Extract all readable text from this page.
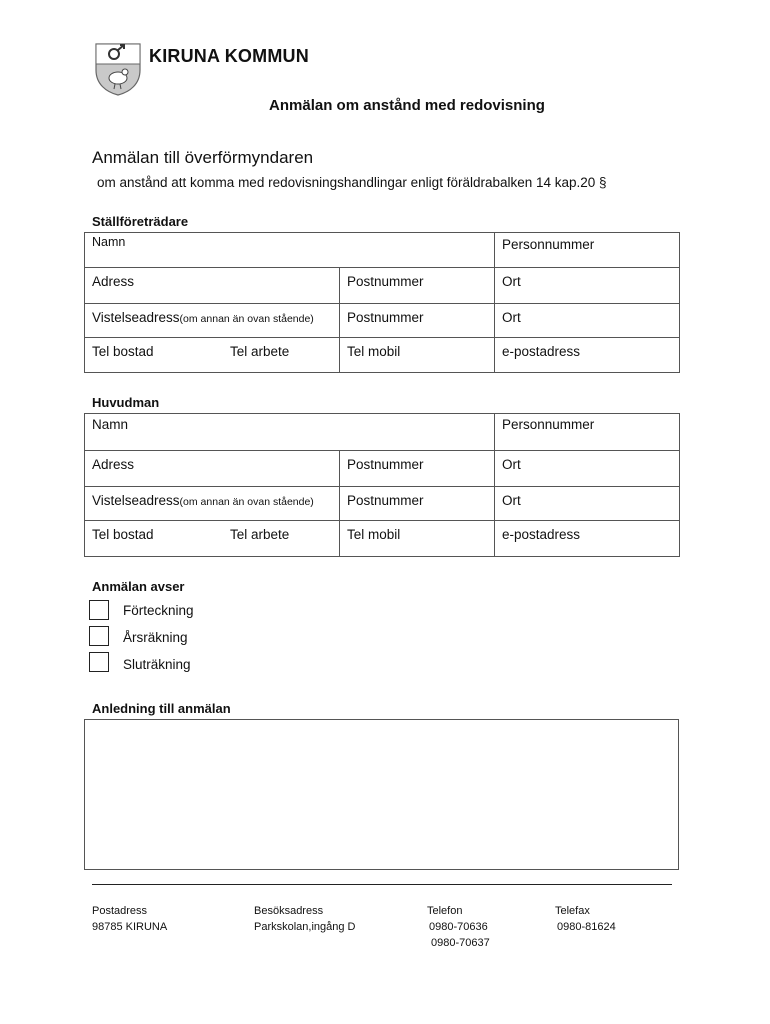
KIRUNA KOMMUN
Anmälan om anstånd med redovisning
Anmälan till överförmyndaren
om anstånd att komma med redovisningshandlingar enligt föräldrabalken 14 kap.20 §
Ställföreträdare
Namn		Personnummer
Adress	Postnummer	Ort
Vistelseadress(om annan än ovan stående)	Postnummer	Ort

Tel bostad Tel arbete	Tel mobil	e-postadress
Huvudman
Namn		Personnummer
Adress	Postnummer	Ort
Vistelseadress(om annan än ovan stående)	Postnummer	Ort

Tel bostad Tel arbete	Tel mobil	e-postadress
Anmälan avser
Förteckning
Årsräkning
Sluträkning
Anledning till anmälan
Postadress
98785 KIRUNA
Besöksadress
Parkskolan,ingång D
Telefon
0980-70636
0980-70637
Telefax
0980-81624
